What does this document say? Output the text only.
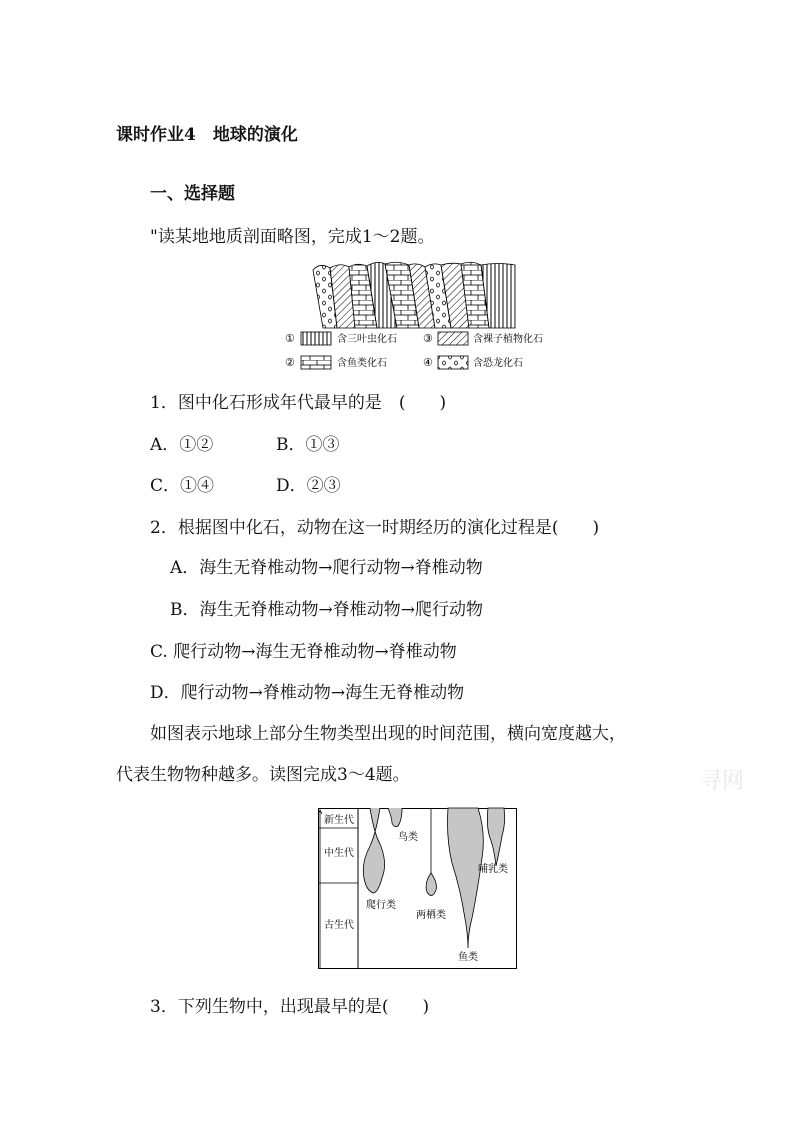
课时作业4　地球的演化
一、选择题
"读某地地质剖面略图，完成1～2题。
①	含三叶虫化石 ③	含裸子植物化石
②	含鱼类化石	④	含恐龙化石
1．图中化石形成年代最早的是　(　　)
A．①②	B．①③
C．①④	D．②③
2．根据图中化石，动物在这一时期经历的演化过程是(　　)
A．海生无脊椎动物→爬行动物→脊椎动物
B．海生无脊椎动物→脊椎动物→爬行动物
C. 爬行动物→海生无脊椎动物→脊椎动物
D．爬行动物→脊椎动物→海生无脊椎动物
如图表示地球上部分生物类型出现的时间范围，横向宽度越大，
代表生物物种越多。读图完成3～4题。	寻网
新生代
中生代
古生代
鸟类
哺乳类
爬行类
两栖类
鱼类
3．下列生物中，出现最早的是(　　)
